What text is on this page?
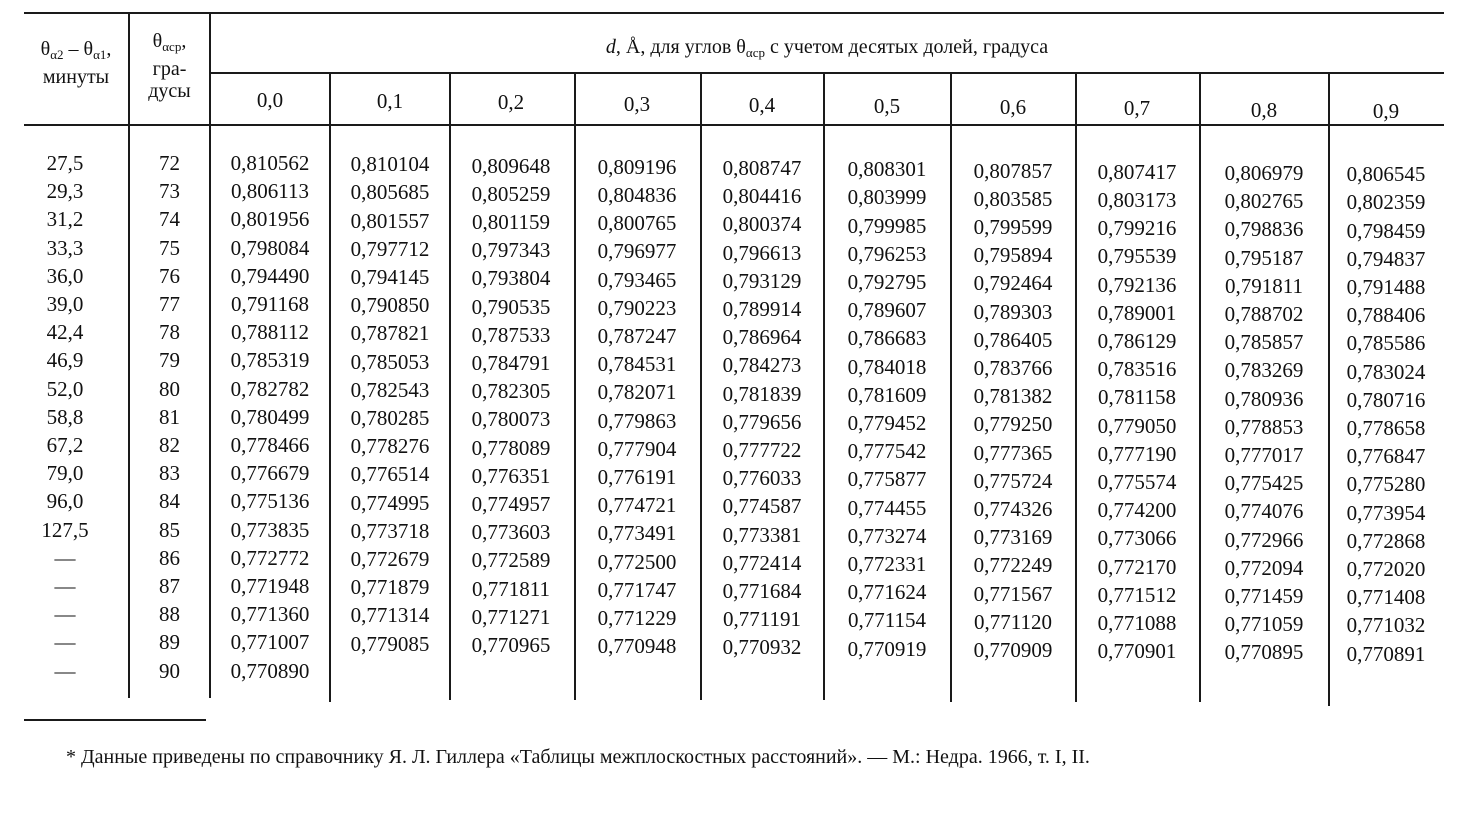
$\theta_{\alpha 2} - \theta_{\alpha 1}$,
минуты
$\theta_{\alpha ср}$,
гра-
дусы
d, Å, для углов $\theta_{\alpha ср}$ с учетом десятых долей, градуса
0,0	0,1	0,2	0,3	0,4	0,5	0,6	0,7	0,8	0,9
27,5	72	0,810562	0,810104	0,809648	0,809196	0,808747	0,808301	0,807857	0,807417	0,806979	0,806545
29,3	73	0,806113	0,805685	0,805259	0,804836	0,804416	0,803999	0,803585	0,803173	0,802765	0,802359
31,2	74	0,801956	0,801557	0,801159	0,800765	0,800374	0,799985	0,799599	0,799216	0,798836	0,798459
33,3	75	0,798084	0,797712	0,797343	0,796977	0,796613	0,796253	0,795894	0,795539	0,795187	0,794837
36,0	76	0,794490	0,794145	0,793804	0,793465	0,793129	0,792795	0,792464	0,792136	0,791811	0,791488
39,0	77	0,791168	0,790850	0,790535	0,790223	0,789914	0,789607	0,789303	0,789001	0,788702	0,788406
42,4	78	0,788112	0,787821	0,787533	0,787247	0,786964	0,786683	0,786405	0,786129	0,785857	0,785586
46,9	79	0,785319	0,785053	0,784791	0,784531	0,784273	0,784018	0,783766	0,783516	0,783269	0,783024
52,0	80	0,782782	0,782543	0,782305	0,782071	0,781839	0,781609	0,781382	0,781158	0,780936	0,780716
58,8	81	0,780499	0,780285	0,780073	0,779863	0,779656	0,779452	0,779250	0,779050	0,778853	0,778658
67,2	82	0,778466	0,778276	0,778089	0,777904	0,777722	0,777542	0,777365	0,777190	0,777017	0,776847
79,0	83	0,776679	0,776514	0,776351	0,776191	0,776033	0,775877	0,775724	0,775574	0,775425	0,775280
96,0	84	0,775136	0,774995	0,774957	0,774721	0,774587	0,774455	0,774326	0,774200	0,774076	0,773954
127,5	85	0,773835	0,773718	0,773603	0,773491	0,773381	0,773274	0,773169	0,773066	0,772966	0,772868
—	86	0,772772	0,772679	0,772589	0,772500	0,772414	0,772331	0,772249	0,772170	0,772094	0,772020
—	87	0,771948	0,771879	0,771811	0,771747	0,771684	0,771624	0,771567	0,771512	0,771459	0,771408
—	88	0,771360	0,771314	0,771271	0,771229	0,771191	0,771154	0,771120	0,771088	0,771059	0,771032
—	89	0,771007	0,779085	0,770965	0,770948	0,770932	0,770919	0,770909	0,770901	0,770895	0,770891
—	90	0,770890
* Данные приведены по справочнику Я. Л. Гиллера «Таблицы межплоскостных расстояний». — М.: Недра. 1966, т. I, II.
